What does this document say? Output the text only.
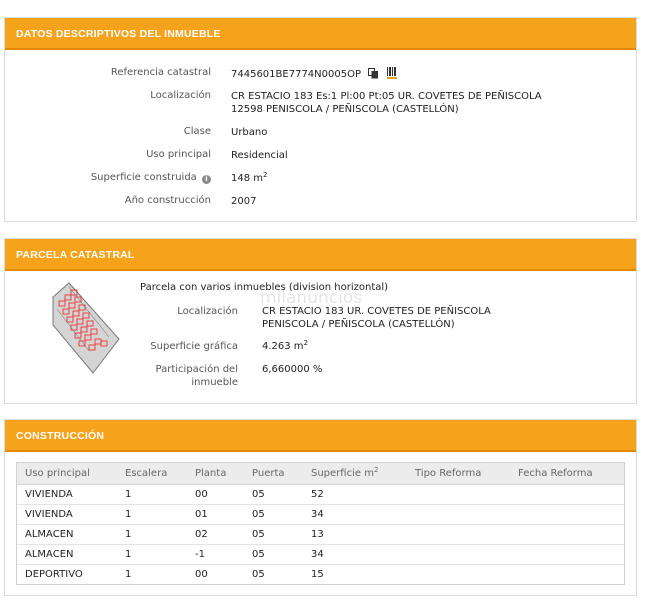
DATOS DESCRIPTIVOS DEL INMUEBLE
Referencia catastral 7445601BE7774N0005OP
Localización CR ESTACIO 183 Es:1 Pl:00 Pt:05 UR. COVETES DE PEÑISCOLA
12598 PENISCOLA / PEÑISCOLA (CASTELLÓN)
Clase Urbano
Uso principal Residencial
Superficie construida i	148 $m^2$
Año construcción 2007
PARCELA CATASTRAL
Parcela con varios inmuebles (division horizontal)
milanuncios
Localización CR ESTACIO 183 UR. COVETES DE PEÑISCOLA
PENISCOLA / PEÑISCOLA (CASTELLÓN)
Superficie gráfica 4.263 $m^2$
Participación del
inmueble
6,660000 %
CONSTRUCCIÓN
Uso principal	Escalera	Planta	Puerta	Superficie $m^2$	Tipo Reforma	Fecha Reforma
VIVIENDA	1	00	05	52		
VIVIENDA	1	01	05	34		
ALMACEN	1	02	05	13		
ALMACEN	1	-1	05	34		
DEPORTIVO	1	00	05	15		
